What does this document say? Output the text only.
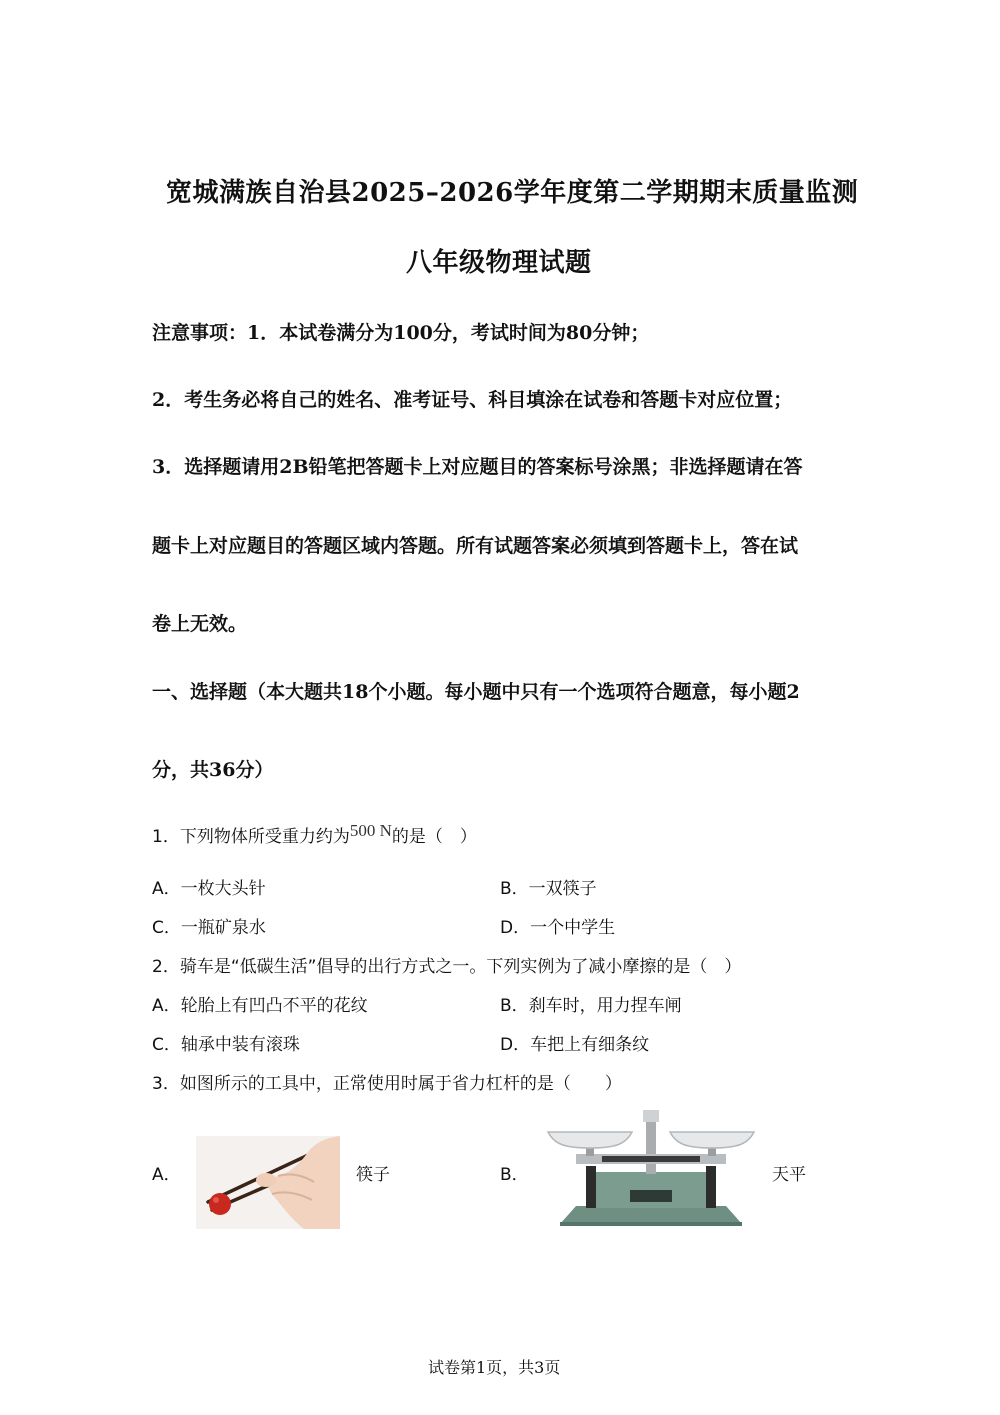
宽城满族自治县2025–2026学年度第二学期期末质量监测
八年级物理试题
注意事项：1．本试卷满分为100分，考试时间为80分钟；
2．考生务必将自己的姓名、准考证号、科目填涂在试卷和答题卡对应位置；
3．选择题请用2B铅笔把答题卡上对应题目的答案标号涂黑；非选择题请在答
题卡上对应题目的答题区域内答题。所有试题答案必须填到答题卡上，答在试
卷上无效。
一、选择题（本大题共18个小题。每小题中只有一个选项符合题意，每小题2
分，共36分）
1．下列物体所受重力约为500 N的是（　）
A．一枚大头针	B．一双筷子
C．一瓶矿泉水	D．一个中学生
2．骑车是“低碳生活”倡导的出行方式之一。下列实例为了减小摩擦的是（　）
A．轮胎上有凹凸不平的花纹	B．刹车时，用力捏车闸
C．轴承中装有滚珠	D．车把上有细条纹
3．如图所示的工具中，正常使用时属于省力杠杆的是（　　）
A．	筷子	B．	天平
试卷第1页，共3页
